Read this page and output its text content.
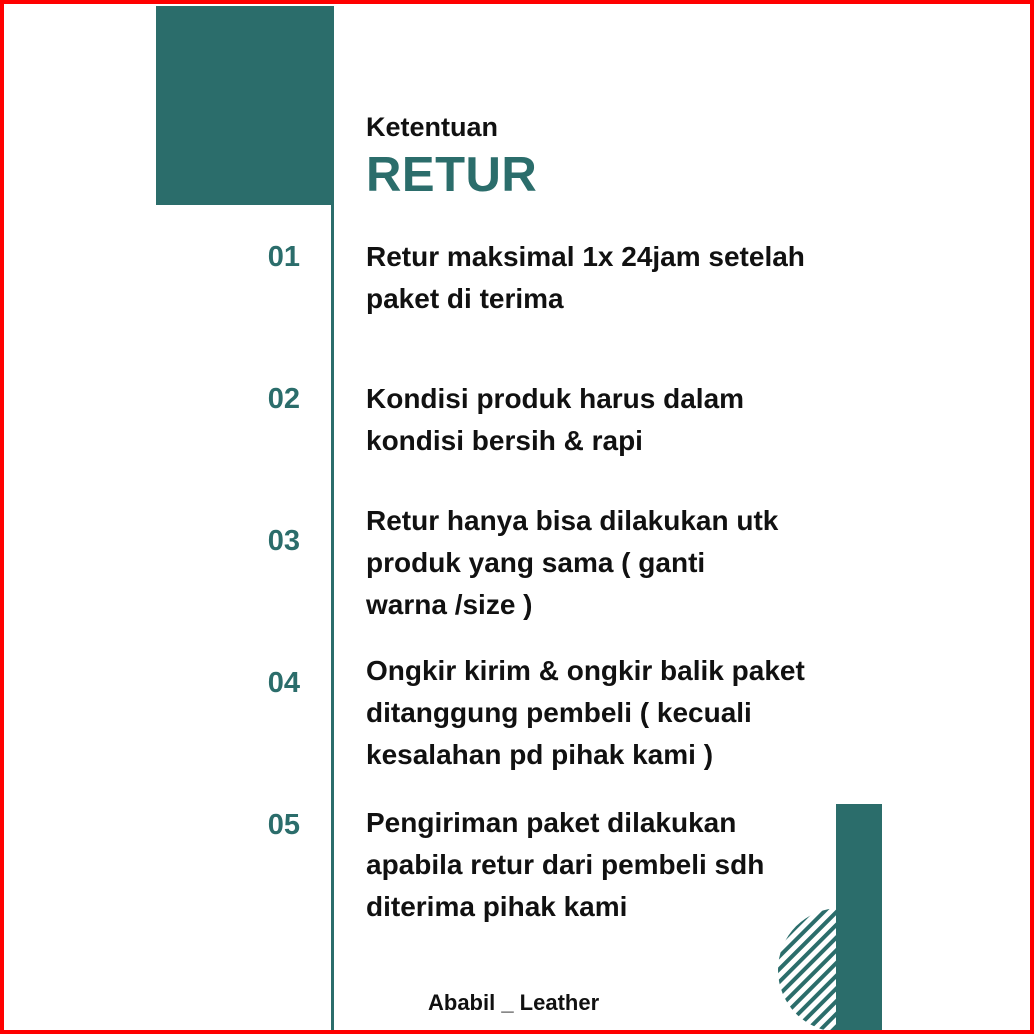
Ketentuan
RETUR
01 Retur maksimal 1x 24jam setelah
paket di terima
02 Kondisi produk harus dalam
kondisi bersih & rapi
03
Retur hanya bisa dilakukan utk
produk yang sama ( ganti
warna /size )
04 Ongkir kirim & ongkir balik paket
ditanggung pembeli ( kecuali
kesalahan pd pihak kami )
05 Pengiriman paket dilakukan
apabila retur dari pembeli sdh
diterima pihak kami
Ababil _ Leather
